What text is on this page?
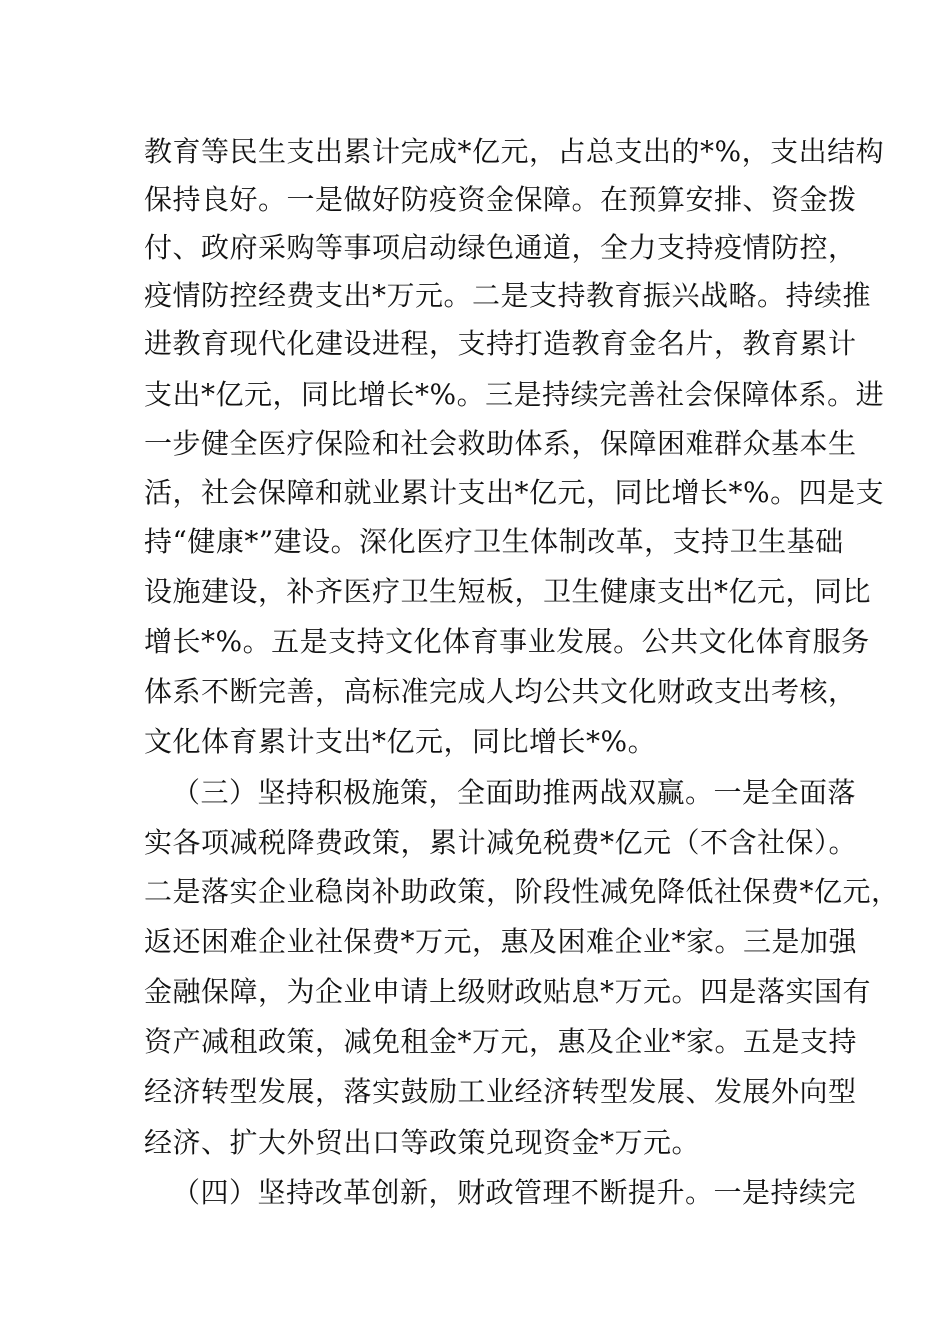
教育等民生支出累计完成*亿元，占总支出的*%，支出结构
保持良好。一是做好防疫资金保障。在预算安排、资金拨
付、政府采购等事项启动绿色通道，全力支持疫情防控，
疫情防控经费支出*万元。二是支持教育振兴战略。持续推
进教育现代化建设进程，支持打造教育金名片，教育累计
支出*亿元，同比增长*%。三是持续完善社会保障体系。进
一步健全医疗保险和社会救助体系，保障困难群众基本生
活，社会保障和就业累计支出*亿元，同比增长*%。四是支
持“健康*”建设。深化医疗卫生体制改革，支持卫生基础
设施建设，补齐医疗卫生短板，卫生健康支出*亿元，同比
增长*%。五是支持文化体育事业发展。公共文化体育服务
体系不断完善，高标准完成人均公共文化财政支出考核，
文化体育累计支出*亿元，同比增长*%。
（三）坚持积极施策，全面助推两战双赢。一是全面落
实各项减税降费政策，累计减免税费*亿元（不含社保）。
二是落实企业稳岗补助政策，阶段性减免降低社保费*亿元，
返还困难企业社保费*万元，惠及困难企业*家。三是加强
金融保障，为企业申请上级财政贴息*万元。四是落实国有
资产减租政策，减免租金*万元，惠及企业*家。五是支持
经济转型发展，落实鼓励工业经济转型发展、发展外向型
经济、扩大外贸出口等政策兑现资金*万元。
（四）坚持改革创新，财政管理不断提升。一是持续完
